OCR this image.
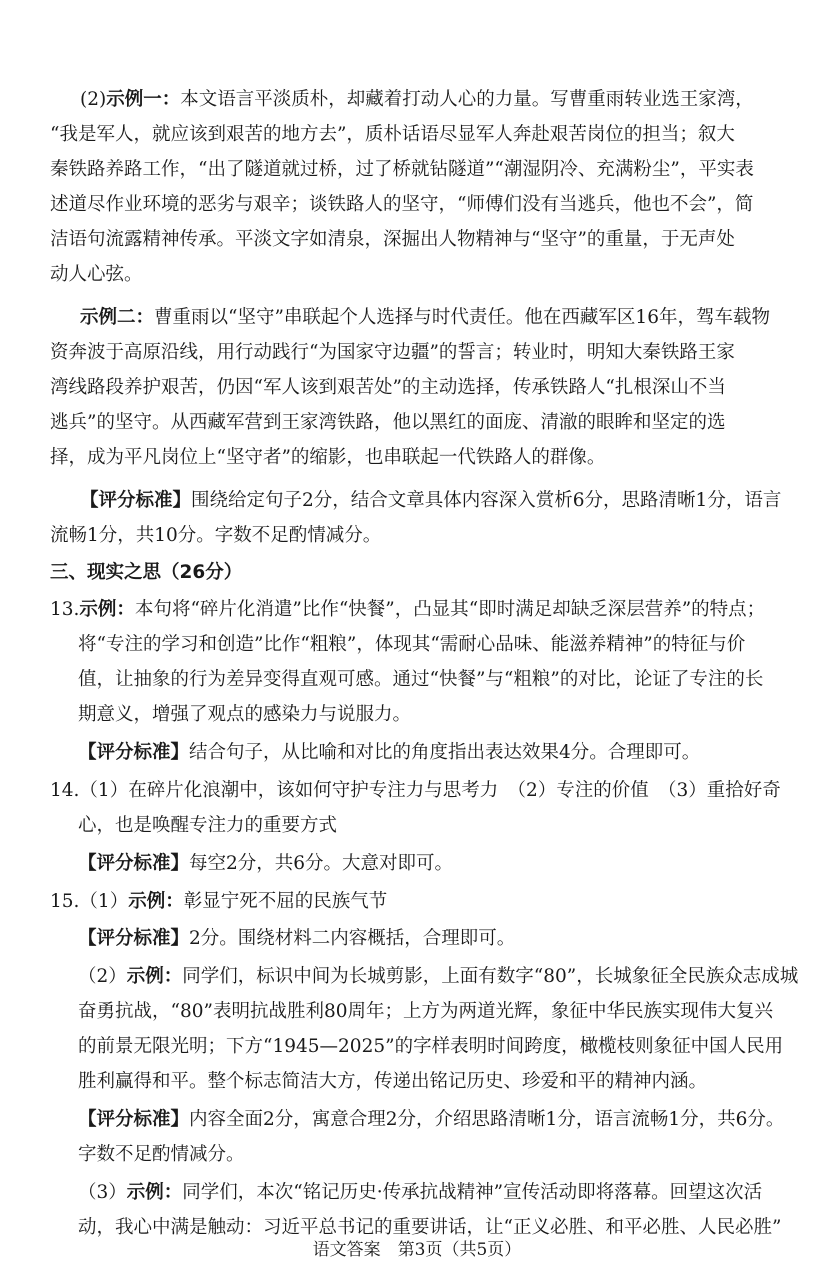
(2)示例一：本文语言平淡质朴，却藏着打动人心的力量。写曹重雨转业选王家湾，
“我是军人，就应该到艰苦的地方去”，质朴话语尽显军人奔赴艰苦岗位的担当；叙大
秦铁路养路工作，“出了隧道就过桥，过了桥就钻隧道”“潮湿阴冷、充满粉尘”，平实表
述道尽作业环境的恶劣与艰辛；谈铁路人的坚守，“师傅们没有当逃兵，他也不会”，简
洁语句流露精神传承。平淡文字如清泉，深掘出人物精神与“坚守”的重量，于无声处
动人心弦。
示例二：曹重雨以“坚守”串联起个人选择与时代责任。他在西藏军区16年，驾车载物
资奔波于高原沿线，用行动践行“为国家守边疆”的誓言；转业时，明知大秦铁路王家
湾线路段养护艰苦，仍因“军人该到艰苦处”的主动选择，传承铁路人“扎根深山不当
逃兵”的坚守。从西藏军营到王家湾铁路，他以黑红的面庞、清澈的眼眸和坚定的选
择，成为平凡岗位上“坚守者”的缩影，也串联起一代铁路人的群像。
【评分标准】围绕给定句子2分，结合文章具体内容深入赏析6分，思路清晰1分，语言
流畅1分，共10分。字数不足酌情减分。
三、现实之思（26分）
13.示例：本句将“碎片化消遣”比作“快餐”，凸显其“即时满足却缺乏深层营养”的特点；
将“专注的学习和创造”比作“粗粮”，体现其“需耐心品味、能滋养精神”的特征与价
值，让抽象的行为差异变得直观可感。通过“快餐”与“粗粮”的对比，论证了专注的长
期意义，增强了观点的感染力与说服力。
【评分标准】结合句子，从比喻和对比的角度指出表达效果4分。合理即可。
14.（1）在碎片化浪潮中，该如何守护专注力与思考力　（2）专注的价值　（3）重拾好奇
心，也是唤醒专注力的重要方式
【评分标准】每空2分，共6分。大意对即可。
15.（1）示例：彰显宁死不屈的民族气节
【评分标准】2分。围绕材料二内容概括，合理即可。
（2）示例：同学们，标识中间为长城剪影，上面有数字“80”，长城象征全民族众志成城
奋勇抗战，“80”表明抗战胜利80周年；上方为两道光辉，象征中华民族实现伟大复兴
的前景无限光明；下方“1945—2025”的字样表明时间跨度，橄榄枝则象征中国人民用
胜利赢得和平。整个标志简洁大方，传递出铭记历史、珍爱和平的精神内涵。
【评分标准】内容全面2分，寓意合理2分，介绍思路清晰1分，语言流畅1分，共6分。
字数不足酌情减分。
（3）示例：同学们，本次“铭记历史·传承抗战精神”宣传活动即将落幕。回望这次活
动，我心中满是触动：习近平总书记的重要讲话，让“正义必胜、和平必胜、人民必胜”
语文答案　第3页（共5页）
